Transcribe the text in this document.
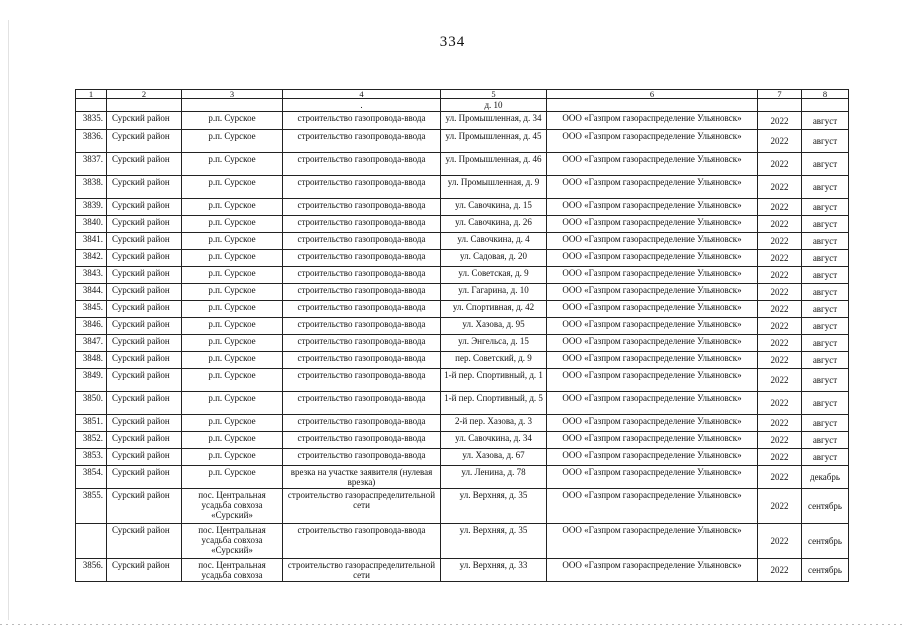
334
1	2	3	4	5	6	7	8
			.	д. 10			
3835.	Сурский район	р.п. Сурское	строительство газопровода-ввода	ул. Промышленная, д. 34	ООО «Газпром газораспределение Ульяновск»	2022	август
3836.	Сурский район	р.п. Сурское	строительство газопровода-ввода	ул. Промышленная, д. 45	ООО «Газпром газораспределение Ульяновск»	2022	август
3837.	Сурский район	р.п. Сурское	строительство газопровода-ввода	ул. Промышленная, д. 46	ООО «Газпром газораспределение Ульяновск»	2022	август
3838.	Сурский район	р.п. Сурское	строительство газопровода-ввода	ул. Промышленная, д. 9	ООО «Газпром газораспределение Ульяновск»	2022	август
3839.	Сурский район	р.п. Сурское	строительство газопровода-ввода	ул. Савочкина, д. 15	ООО «Газпром газораспределение Ульяновск»	2022	август
3840.	Сурский район	р.п. Сурское	строительство газопровода-ввода	ул. Савочкина, д. 26	ООО «Газпром газораспределение Ульяновск»	2022	август
3841.	Сурский район	р.п. Сурское	строительство газопровода-ввода	ул. Савочкина, д. 4	ООО «Газпром газораспределение Ульяновск»	2022	август
3842.	Сурский район	р.п. Сурское	строительство газопровода-ввода	ул. Садовая, д. 20	ООО «Газпром газораспределение Ульяновск»	2022	август
3843.	Сурский район	р.п. Сурское	строительство газопровода-ввода	ул. Советская, д. 9	ООО «Газпром газораспределение Ульяновск»	2022	август
3844.	Сурский район	р.п. Сурское	строительство газопровода-ввода	ул. Гагарина, д. 10	ООО «Газпром газораспределение Ульяновск»	2022	август
3845.	Сурский район	р.п. Сурское	строительство газопровода-ввода	ул. Спортивная, д. 42	ООО «Газпром газораспределение Ульяновск»	2022	август
3846.	Сурский район	р.п. Сурское	строительство газопровода-ввода	ул. Хазова, д. 95	ООО «Газпром газораспределение Ульяновск»	2022	август
3847.	Сурский район	р.п. Сурское	строительство газопровода-ввода	ул. Энгельса, д. 15	ООО «Газпром газораспределение Ульяновск»	2022	август
3848.	Сурский район	р.п. Сурское	строительство газопровода-ввода	пер. Советский, д. 9	ООО «Газпром газораспределение Ульяновск»	2022	август
3849.	Сурский район	р.п. Сурское	строительство газопровода-ввода	1-й пер. Спортивный, д. 1	ООО «Газпром газораспределение Ульяновск»	2022	август
3850.	Сурский район	р.п. Сурское	строительство газопровода-ввода	1-й пер. Спортивный, д. 5	ООО «Газпром газораспределение Ульяновск»	2022	август
3851.	Сурский район	р.п. Сурское	строительство газопровода-ввода	2-й пер. Хазова, д. 3	ООО «Газпром газораспределение Ульяновск»	2022	август
3852.	Сурский район	р.п. Сурское	строительство газопровода-ввода	ул. Савочкина, д. 34	ООО «Газпром газораспределение Ульяновск»	2022	август
3853.	Сурский район	р.п. Сурское	строительство газопровода-ввода	ул. Хазова, д. 67	ООО «Газпром газораспределение Ульяновск»	2022	август
3854.	Сурский район	р.п. Сурское	врезка на участке заявителя (нулевая врезка)	ул. Ленина, д. 78	ООО «Газпром газораспределение Ульяновск»	2022	декабрь
3855.	Сурский район	пос. Центральная усадьба совхоза «Сурский»	строительство газораспределительной сети	ул. Верхняя, д. 35	ООО «Газпром газораспределение Ульяновск»	2022	сентябрь
	Сурский район	пос. Центральная усадьба совхоза «Сурский»	строительство газопровода-ввода	ул. Верхняя, д. 35	ООО «Газпром газораспределение Ульяновск»	2022	сентябрь
3856.	Сурский район	пос. Центральная усадьба совхоза	строительство газораспределительной сети	ул. Верхняя, д. 33	ООО «Газпром газораспределение Ульяновск»	2022	сентябрь
